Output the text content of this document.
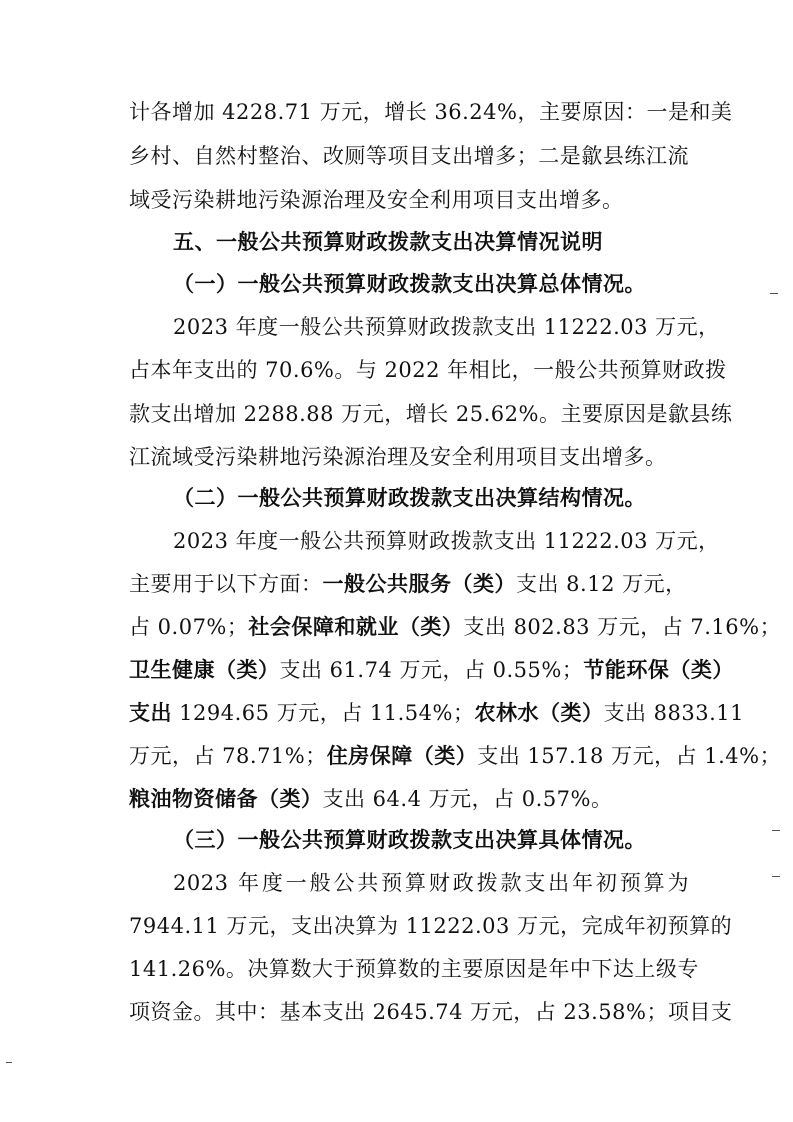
计各增加 4228.71 万元，增长 36.24%，主要原因：一是和美
乡村、自然村整治、改厕等项目支出增多；二是歙县练江流
域受污染耕地污染源治理及安全利用项目支出增多。
五、一般公共预算财政拨款支出决算情况说明
（一）一般公共预算财政拨款支出决算总体情况。
2023 年度一般公共预算财政拨款支出 11222.03 万元，
占本年支出的 70.6%。与 2022 年相比，一般公共预算财政拨
款支出增加 2288.88 万元，增长 25.62%。主要原因是歙县练
江流域受污染耕地污染源治理及安全利用项目支出增多。
（二）一般公共预算财政拨款支出决算结构情况。
2023 年度一般公共预算财政拨款支出 11222.03 万元，
主要用于以下方面：一般公共服务（类）支出 8.12 万元，
占 0.07%；社会保障和就业（类）支出 802.83 万元，占 7.16%；
卫生健康（类）支出 61.74 万元，占 0.55%；节能环保（类）
支出 1294.65 万元，占 11.54%；农林水（类）支出 8833.11
万元，占 78.71%；住房保障（类）支出 157.18 万元，占 1.4%；
粮油物资储备（类）支出 64.4 万元，占 0.57%。
（三）一般公共预算财政拨款支出决算具体情况。
2023 年度一般公共预算财政拨款支出年初预算为
7944.11 万元，支出决算为 11222.03 万元，完成年初预算的
141.26%。决算数大于预算数的主要原因是年中下达上级专
项资金。其中：基本支出 2645.74 万元，占 23.58%；项目支
